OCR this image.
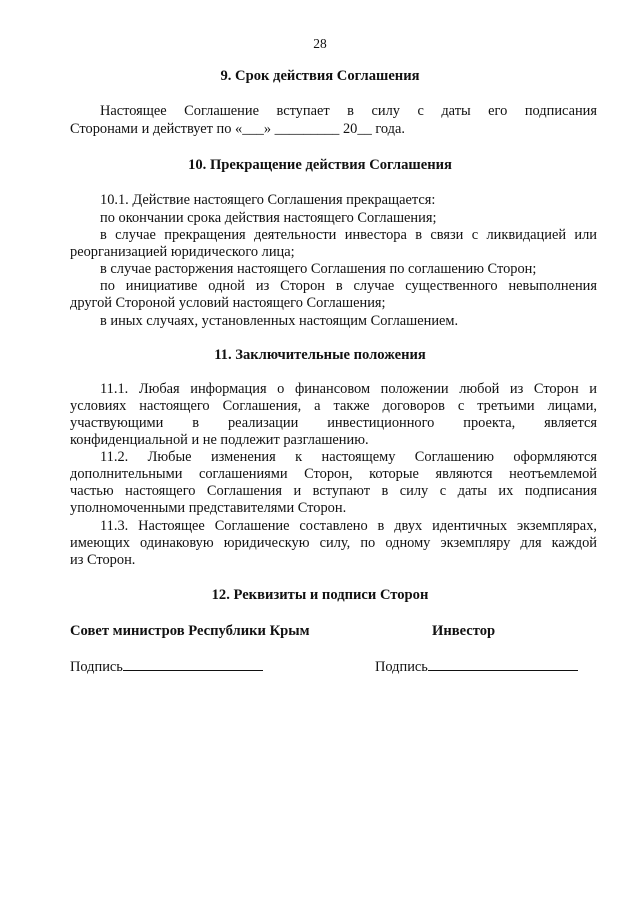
28
9. Срок действия Соглашения
Настоящее Соглашение вступает в силу с даты его подписания
Сторонами и действует по «___» _________ 20__ года.
10. Прекращение действия Соглашения
10.1. Действие настоящего Соглашения прекращается:
по окончании срока действия настоящего Соглашения;
в случае прекращения деятельности инвестора в связи с ликвидацией или
реорганизацией юридического лица;
в случае расторжения настоящего Соглашения по соглашению Сторон;
по инициативе одной из Сторон в случае существенного невыполнения
другой Стороной условий настоящего Соглашения;
в иных случаях, установленных настоящим Соглашением.
11. Заключительные положения
11.1. Любая информация о финансовом положении любой из Сторон и
условиях настоящего Соглашения, а также договоров с третьими лицами,
участвующими в реализации инвестиционного проекта, является
конфиденциальной и не подлежит разглашению.
11.2. Любые изменения к настоящему Соглашению оформляются
дополнительными соглашениями Сторон, которые являются неотъемлемой
частью настоящего Соглашения и вступают в силу с даты их подписания
уполномоченными представителями Сторон.
11.3. Настоящее Соглашение составлено в двух идентичных экземплярах,
имеющих одинаковую юридическую силу, по одному экземпляру для каждой
из Сторон.
12. Реквизиты и подписи Сторон
Совет министров Республики Крым	Инвестор
Подпись	Подпись
